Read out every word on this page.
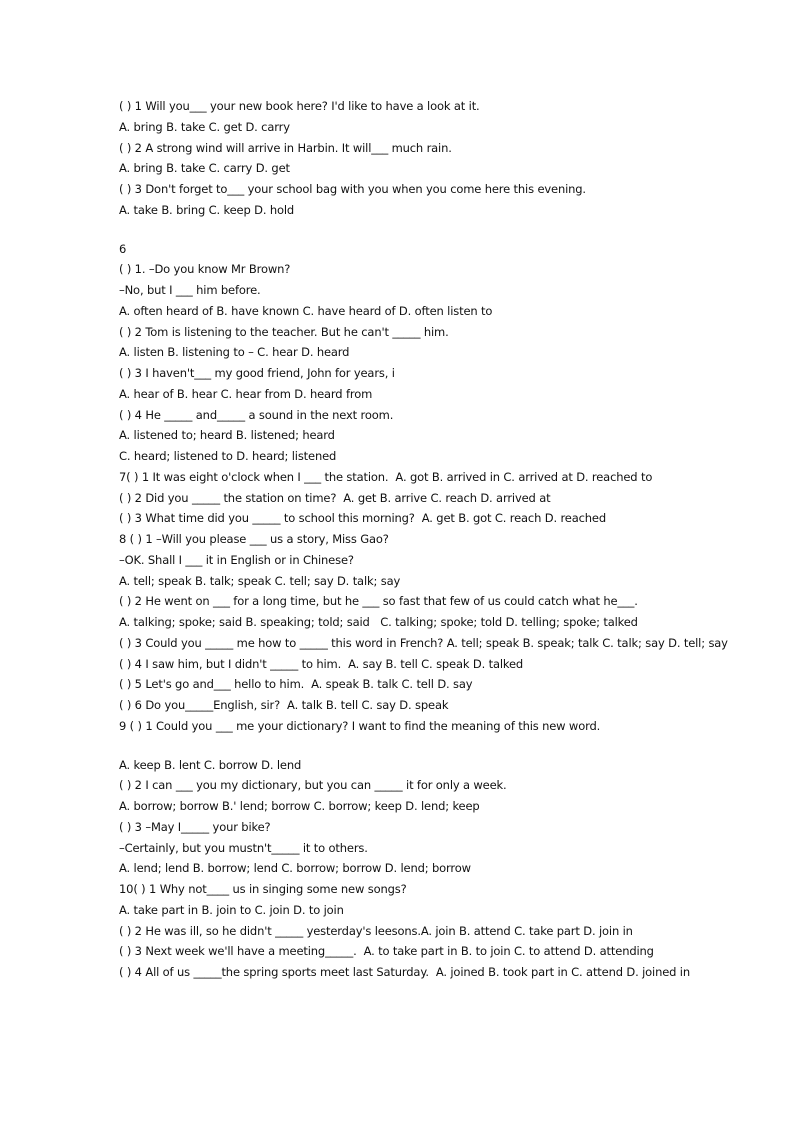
( ) 1 Will you___ your new book here? I'd like to have a look at it.
A. bring B. take C. get D. carry
( ) 2 A strong wind will arrive in Harbin. It will___ much rain.
A. bring B. take C. carry D. get
( ) 3 Don't forget to___ your school bag with you when you come here this evening.
A. take B. bring C. keep D. hold
6
( ) 1. –Do you know Mr Brown?
–No, but I ___ him before.
A. often heard of B. have known C. have heard of D. often listen to
( ) 2 Tom is listening to the teacher. But he can't _____ him.
A. listen B. listening to – C. hear D. heard
( ) 3 I haven't___ my good friend, John for years, i
A. hear of B. hear C. hear from D. heard from
( ) 4 He _____ and_____ a sound in the next room.
A. listened to; heard B. listened; heard
C. heard; listened to D. heard; listened
7( ) 1 It was eight o'clock when I ___ the station.  A. got B. arrived in C. arrived at D. reached to
( ) 2 Did you _____ the station on time?  A. get B. arrive C. reach D. arrived at
( ) 3 What time did you _____ to school this morning?  A. get B. got C. reach D. reached
8 ( ) 1 –Will you please ___ us a story, Miss Gao?
–OK. Shall I ___ it in English or in Chinese?
A. tell; speak B. talk; speak C. tell; say D. talk; say
( ) 2 He went on ___ for a long time, but he ___ so fast that few of us could catch what he___.
A. talking; spoke; said B. speaking; told; said   C. talking; spoke; told D. telling; spoke; talked
( ) 3 Could you _____ me how to _____ this word in French? A. tell; speak B. speak; talk C. talk; say D. tell; say
( ) 4 I saw him, but I didn't _____ to him.  A. say B. tell C. speak D. talked
( ) 5 Let's go and___ hello to him.  A. speak B. talk C. tell D. say
( ) 6 Do you_____English, sir?  A. talk B. tell C. say D. speak
9 ( ) 1 Could you ___ me your dictionary? I want to find the meaning of this new word.
A. keep B. lent C. borrow D. lend
( ) 2 I can ___ you my dictionary, but you can _____ it for only a week.
A. borrow; borrow B.' lend; borrow C. borrow; keep D. lend; keep
( ) 3 –May I_____ your bike?
–Certainly, but you mustn't_____ it to others.
A. lend; lend B. borrow; lend C. borrow; borrow D. lend; borrow
10( ) 1 Why not____ us in singing some new songs?
A. take part in B. join to C. join D. to join
( ) 2 He was ill, so he didn't _____ yesterday's leesons.A. join B. attend C. take part D. join in
( ) 3 Next week we'll have a meeting_____.  A. to take part in B. to join C. to attend D. attending
( ) 4 All of us _____the spring sports meet last Saturday.  A. joined B. took part in C. attend D. joined in
